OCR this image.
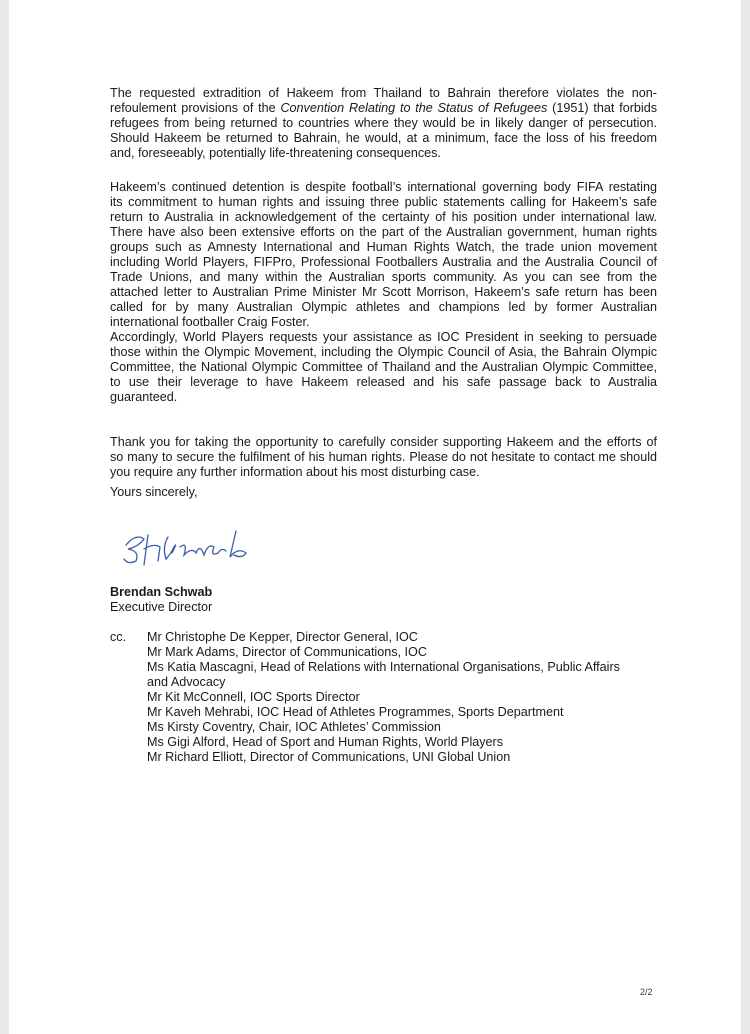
The requested extradition of Hakeem from Thailand to Bahrain therefore violates the non-
refoulement provisions of the Convention Relating to the Status of Refugees (1951) that forbids
refugees from being returned to countries where they would be in likely danger of persecution.
Should Hakeem be returned to Bahrain, he would, at a minimum, face the loss of his freedom
and, foreseeably, potentially life-threatening consequences.
Hakeem’s continued detention is despite football’s international governing body FIFA restating
its commitment to human rights and issuing three public statements calling for Hakeem’s safe
return to Australia in acknowledgement of the certainty of his position under international law.
There have also been extensive efforts on the part of the Australian government, human rights
groups such as Amnesty International and Human Rights Watch, the trade union movement
including World Players, FIFPro, Professional Footballers Australia and the Australia Council of
Trade Unions, and many within the Australian sports community. As you can see from the
attached letter to Australian Prime Minister Mr Scott Morrison, Hakeem’s safe return has been
called for by many Australian Olympic athletes and champions led by former Australian
international footballer Craig Foster.
Accordingly, World Players requests your assistance as IOC President in seeking to persuade
those within the Olympic Movement, including the Olympic Council of Asia, the Bahrain Olympic
Committee, the National Olympic Committee of Thailand and the Australian Olympic Committee,
to use their leverage to have Hakeem released and his safe passage back to Australia
guaranteed.
Thank you for taking the opportunity to carefully consider supporting Hakeem and the efforts of
so many to secure the fulfilment of his human rights. Please do not hesitate to contact me should
you require any further information about his most disturbing case.
Yours sincerely,
Brendan Schwab
Executive Director
cc.	Mr Christophe De Kepper, Director General, IOC
Mr Mark Adams, Director of Communications, IOC
Ms Katia Mascagni, Head of Relations with International Organisations, Public Affairs
and Advocacy
Mr Kit McConnell, IOC Sports Director
Mr Kaveh Mehrabi, IOC Head of Athletes Programmes, Sports Department
Ms Kirsty Coventry, Chair, IOC Athletes’ Commission
Ms Gigi Alford, Head of Sport and Human Rights, World Players
Mr Richard Elliott, Director of Communications, UNI Global Union
2/2
